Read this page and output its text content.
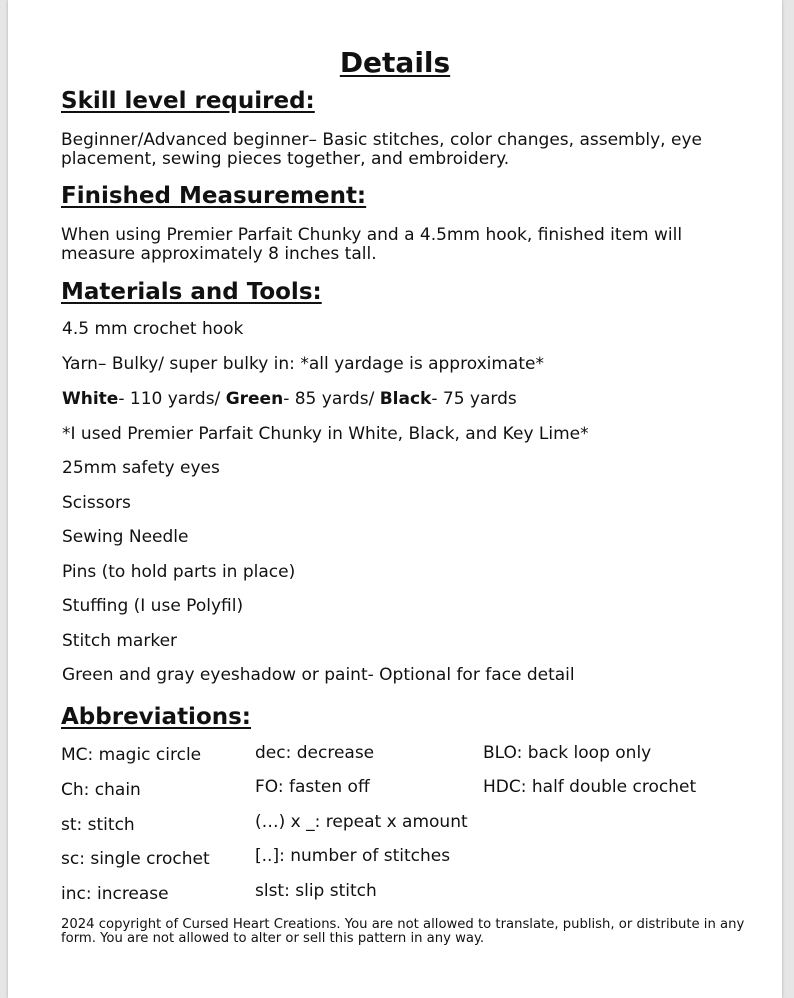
Details
Skill level required:
Beginner/Advanced beginner– Basic stitches, color changes, assembly, eye placement, sewing pieces together, and embroidery.
Finished Measurement:
When using Premier Parfait Chunky and a 4.5mm hook, finished item will measure approximately 8 inches tall.
Materials and Tools:
4.5 mm crochet hook
Yarn– Bulky/ super bulky in: *all yardage is approximate*
White- 110 yards/ Green- 85 yards/ Black- 75 yards
*I used Premier Parfait Chunky in White, Black, and Key Lime*
25mm safety eyes
Scissors
Sewing Needle
Pins (to hold parts in place)
Stuffing (I use Polyfil)
Stitch marker
Green and gray eyeshadow or paint- Optional for face detail
Abbreviations:
MC: magic circle
Ch: chain
st: stitch
sc: single crochet
inc: increase
dec: decrease
FO: fasten off
(…) x _: repeat x amount
[..]: number of stitches
slst: slip stitch
BLO: back loop only
HDC: half double crochet
2024 copyright of Cursed Heart Creations. You are not allowed to translate, publish, or distribute in any form. You are not allowed to alter or sell this pattern in any way.
